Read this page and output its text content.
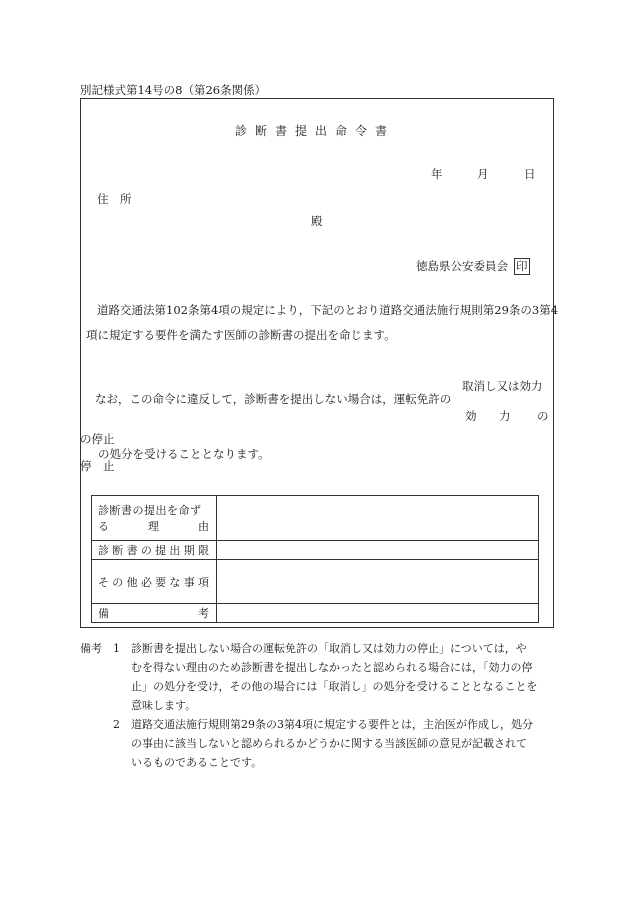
別記様式第14号の8（第26条関係）
診断書提出命令書
年	月	日
住　所
殿
徳島県公安委員会 印
道路交通法第102条第4項の規定により，下記のとおり道路交通法施行規則第29条の3第4
項に規定する要件を満たす医師の診断書の提出を命じます。
取消し又は効力
なお，この命令に違反して，診断書を提出しない場合は，運転免許の
効 力 の
の停止
の処分を受けることとなります。
停　止
診断書の提出を命ず
る　理　由	

診断書の提出期限	
その他必要な事項	
備　考	
備考 1 診断書を提出しない場合の運転免許の「取消し又は効力の停止」については，や
むを得ない理由のため診断書を提出しなかったと認められる場合には，「効力の停
止」の処分を受け，その他の場合には「取消し」の処分を受けることとなることを
意味します。
2 道路交通法施行規則第29条の3第4項に規定する要件とは，主治医が作成し，処分
の事由に該当しないと認められるかどうかに関する当該医師の意見が記載されて
いるものであることです。
